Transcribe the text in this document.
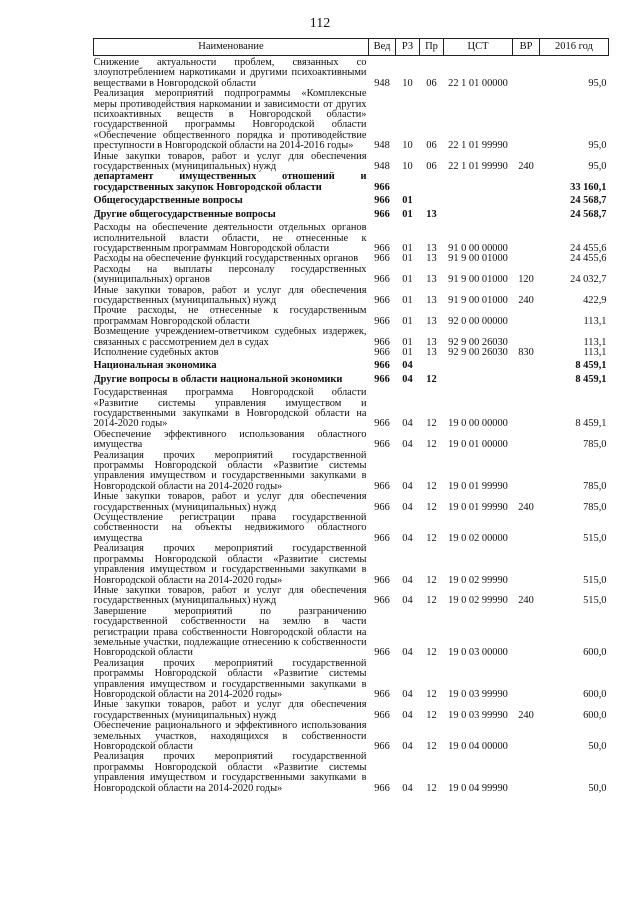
112
Наименование	Вед	РЗ	Пр	ЦСТ	ВР	2016 год
Снижение актуальности проблем, связанных со злоупотреблением наркотиками и другими психоактивными веществами в Новгородской области	948	10	06	22 1 01 00000		95,0
Реализация мероприятий подпрограммы «Комплексные меры противодействия наркомании и зависимости от других психоактивных веществ в Новгородской области» государственной программы Новгородской области «Обеспечение общественного порядка и противодействие преступности в Новгородской области на 2014-2016 годы»	948	10	06	22 1 01 99990		95,0
Иные закупки товаров, работ и услуг для обеспечения государственных (муниципальных) нужд	948	10	06	22 1 01 99990	240	95,0
департамент имущественных отношений и государственных закупок Новгородской области	966					33 160,1
Общегосударственные вопросы	966	01				24 568,7
Другие общегосударственные вопросы	966	01	13			24 568,7
Расходы на обеспечение деятельности отдельных органов исполнительной власти области, не отнесенные к государственным программам Новгородской области	966	01	13	91 0 00 00000		24 455,6
Расходы на обеспечение функций государственных органов	966	01	13	91 9 00 01000		24 455,6
Расходы на выплаты персоналу государственных (муниципальных) органов	966	01	13	91 9 00 01000	120	24 032,7
Иные закупки товаров, работ и услуг для обеспечения государственных (муниципальных) нужд	966	01	13	91 9 00 01000	240	422,9
Прочие расходы, не отнесенные к государственным программам Новгородской области	966	01	13	92 0 00 00000		113,1
Возмещение учреждением-ответчиком судебных издержек, связанных с рассмотрением дел в судах	966	01	13	92 9 00 26030		113,1
Исполнение судебных актов	966	01	13	92 9 00 26030	830	113,1
Национальная экономика	966	04				8 459,1
Другие вопросы в области национальной экономики	966	04	12			8 459,1
Государственная программа Новгородской области «Развитие системы управления имуществом и государственными закупками в Новгородской области на 2014-2020 годы»	966	04	12	19 0 00 00000		8 459,1
Обеспечение эффективного использования областного имущества	966	04	12	19 0 01 00000		785,0
Реализация прочих мероприятий государственной программы Новгородской области «Развитие системы управления имуществом и государственными закупками в Новгородской области на 2014-2020 годы»	966	04	12	19 0 01 99990		785,0
Иные закупки товаров, работ и услуг для обеспечения государственных (муниципальных) нужд	966	04	12	19 0 01 99990	240	785,0
Осуществление регистрации права государственной собственности на объекты недвижимого областного имущества	966	04	12	19 0 02 00000		515,0
Реализация прочих мероприятий государственной программы Новгородской области «Развитие системы управления имуществом и государственными закупками в Новгородской области на 2014-2020 годы»	966	04	12	19 0 02 99990		515,0
Иные закупки товаров, работ и услуг для обеспечения государственных (муниципальных) нужд	966	04	12	19 0 02 99990	240	515,0
Завершение мероприятий по разграничению государственной собственности на землю в части регистрации права собственности Новгородской области на земельные участки, подлежащие отнесению к собственности Новгородской области	966	04	12	19 0 03 00000		600,0
Реализация прочих мероприятий государственной программы Новгородской области «Развитие системы управления имуществом и государственными закупками в Новгородской области на 2014-2020 годы»	966	04	12	19 0 03 99990		600,0
Иные закупки товаров, работ и услуг для обеспечения государственных (муниципальных) нужд	966	04	12	19 0 03 99990	240	600,0
Обеспечение рационального и эффективного использования земельных участков, находящихся в собственности Новгородской области	966	04	12	19 0 04 00000		50,0
Реализация прочих мероприятий государственной программы Новгородской области «Развитие системы управления имуществом и государственными закупками в Новгородской области на 2014-2020 годы»	966	04	12	19 0 04 99990		50,0
